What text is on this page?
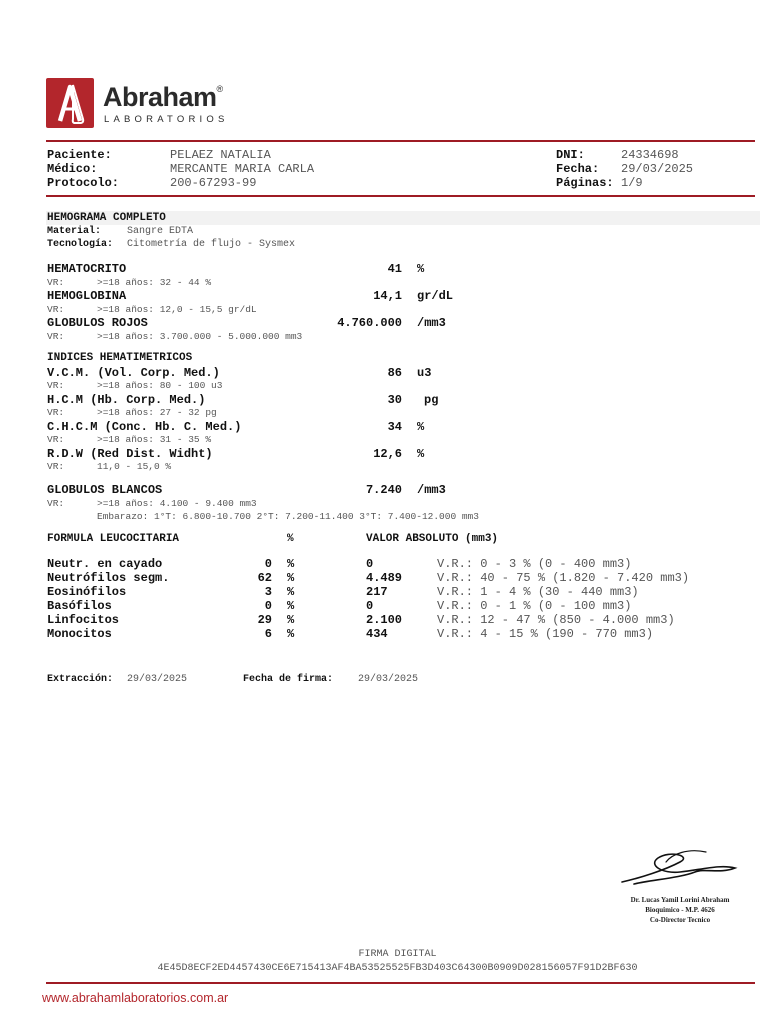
Abraham®
LABORATORIOS
Paciente:	PELAEZ NATALIA
Médico:	MERCANTE MARIA CARLA
Protocolo:	200-67293-99
DNI:	24334698
Fecha: 29/03/2025
Páginas: 1/9
HEMOGRAMA COMPLETO
Material:	Sangre EDTA
Tecnología: Citometría de flujo - Sysmex
HEMATOCRITO	41 %
VR:	>=18 años: 32 - 44 %
HEMOGLOBINA	14,1 gr/dL
VR:	>=18 años: 12,0 - 15,5 gr/dL
GLOBULOS ROJOS	4.760.000 /mm3
VR:	>=18 años: 3.700.000 - 5.000.000 mm3
INDICES HEMATIMETRICOS
V.C.M. (Vol. Corp. Med.)	86 u3
VR:	>=18 años: 80 - 100 u3
H.C.M (Hb. Corp. Med.)	30 pg
VR:	>=18 años: 27 - 32 pg
C.H.C.M (Conc. Hb. C. Med.)	34 %
VR:	>=18 años: 31 - 35 %
R.D.W (Red Dist. Widht)	12,6 %
VR:	11,0 - 15,0 %
GLOBULOS BLANCOS	7.240 /mm3
VR:	>=18 años: 4.100 - 9.400 mm3
Embarazo: 1°T: 6.800-10.700 2°T: 7.200-11.400 3°T: 7.400-12.000 mm3
FORMULA LEUCOCITARIA	%	VALOR ABSOLUTO (mm3)
Neutr. en cayado	0 %	0	V.R.: 0 - 3 % (0 - 400 mm3)
Neutrófilos segm.	62 %	4.489	V.R.: 40 - 75 % (1.820 - 7.420 mm3)
Eosinófilos	3 %	217	V.R.: 1 - 4 % (30 - 440 mm3)
Basófilos	0 %	0	V.R.: 0 - 1 % (0 - 100 mm3)
Linfocitos	29 %	2.100	V.R.: 12 - 47 % (850 - 4.000 mm3)
Monocitos	6 %	434	V.R.: 4 - 15 % (190 - 770 mm3)
Extracción: 29/03/2025	Fecha de firma: 29/03/2025
Dr. Lucas Yamil Lorini Abraham
Bioquimico - M.P. 4626
Co-Director Tecnico
FIRMA DIGITAL
4E45D8ECF2ED4457430CE6E715413AF4BA53525525FB3D403C64300B0909D028156057F91D2BF630
www.abrahamlaboratorios.com.ar
